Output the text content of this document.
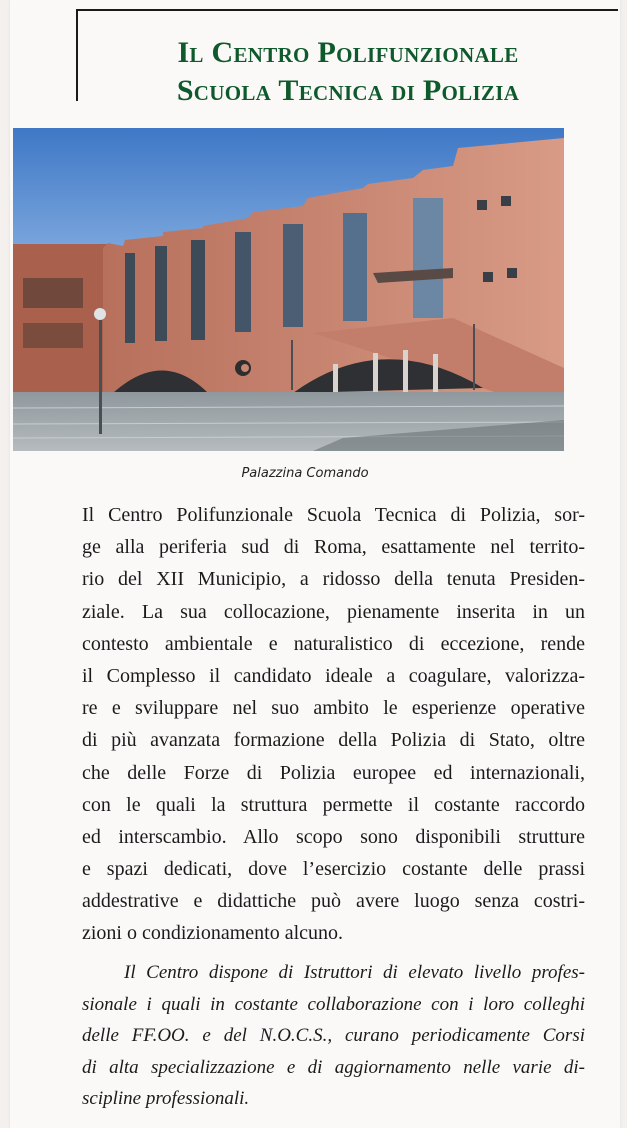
Il Centro Polifunzionale
Scuola Tecnica di Polizia
Palazzina Comando
Il Centro Polifunzionale Scuola Tecnica di Polizia, sor-
ge alla periferia sud di Roma, esattamente nel territo-
rio del XII Municipio, a ridosso della tenuta Presiden-
ziale. La sua collocazione, pienamente inserita in un
contesto ambientale e naturalistico di eccezione, rende
il Complesso il candidato ideale a coagulare, valorizza-
re e sviluppare nel suo ambito le esperienze operative
di più avanzata formazione della Polizia di Stato, oltre
che delle Forze di Polizia europee ed internazionali,
con le quali la struttura permette il costante raccordo
ed interscambio. Allo scopo sono disponibili strutture
e spazi dedicati, dove l’esercizio costante delle prassi
addestrative e didattiche può avere luogo senza costri-
zioni o condizionamento alcuno.
Il Centro dispone di Istruttori di elevato livello profes-
sionale i quali in costante collaborazione con i loro colleghi
delle FF.OO. e del N.O.C.S., curano periodicamente Corsi
di alta specializzazione e di aggiornamento nelle varie di-
scipline professionali.
